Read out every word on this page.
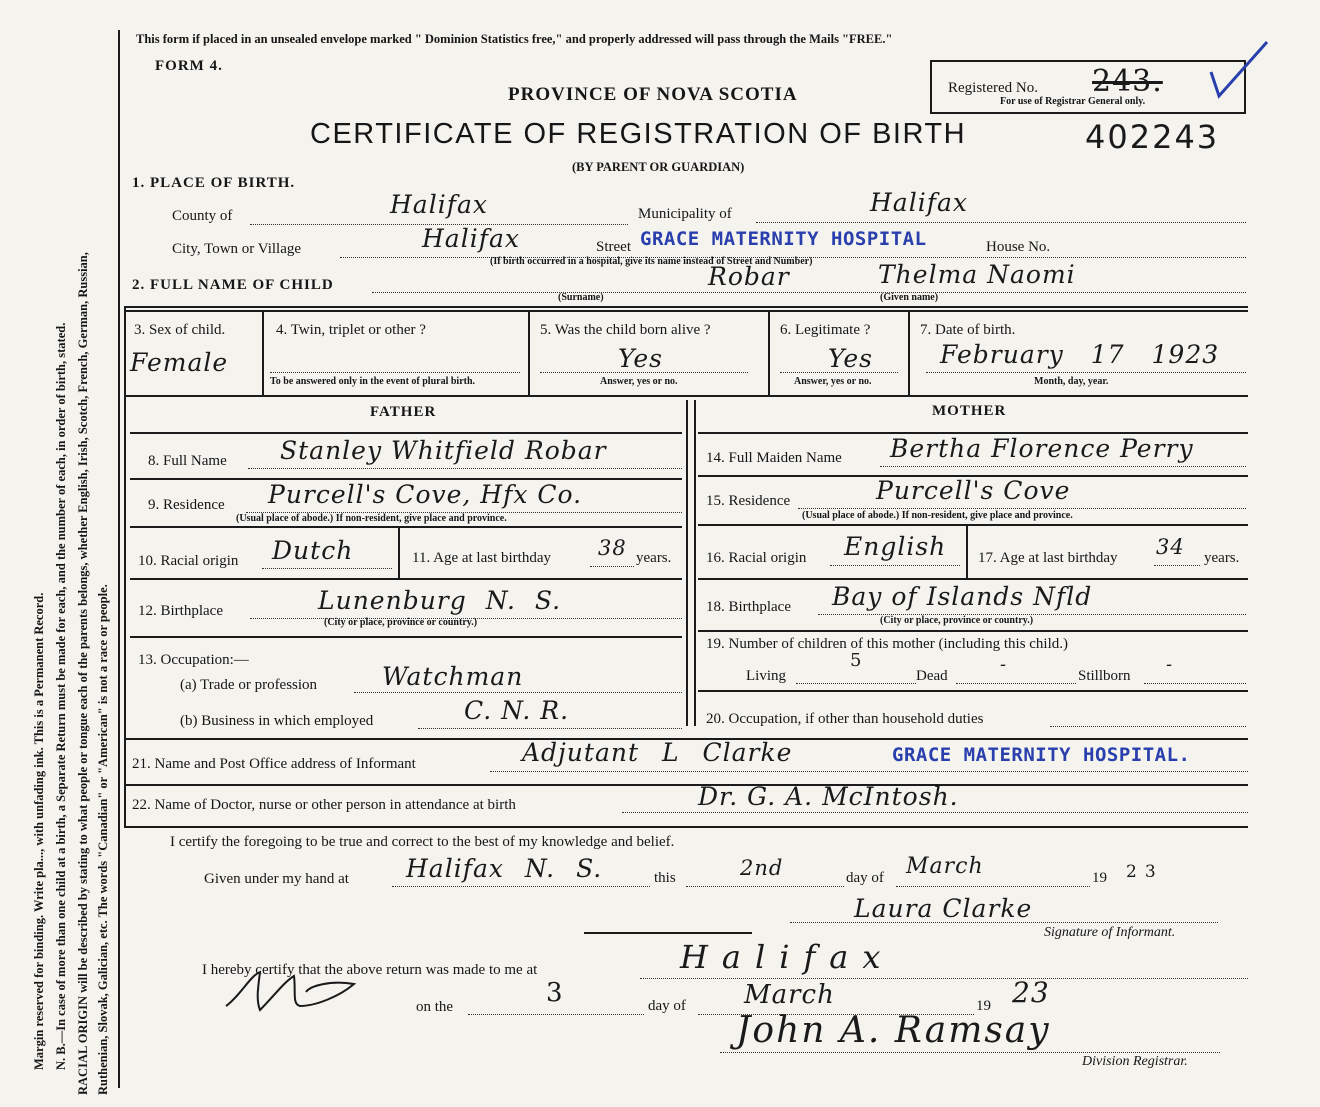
Margin reserved for binding. Write pla..., with unfading ink. This is a Permanent Record. N. B.—In case of more than one child at a birth, a Separate Return must be made for each, and the number of each, in order of birth, stated. RACIAL ORIGIN will be described by stating to what people or tongue each of the parents belongs, whether English, Irish, Scotch, French, German, Russian, Ruthenian, Slovak, Galician, etc. The words "Canadian" or "American" is not a race or people.
This form if placed in an unsealed envelope marked " Dominion Statistics free," and properly addressed will pass through the Mails "FREE."
FORM 4.
PROVINCE OF NOVA SCOTIA
CERTIFICATE OF REGISTRATION OF BIRTH
(BY PARENT OR GUARDIAN)
402243
Registered No. 243.
For use of Registrar General only.
1. PLACE OF BIRTH.
County of	Halifax	Municipality of	Halifax
City, Town or Village	Halifax	Street GRACE MATERNITY HOSPITAL	House No.
(If birth occurred in a hospital, give its name instead of Street and Number)
2. FULL NAME OF CHILD	Robar	Thelma Naomi
(Surname)	(Given name)
3. Sex of child.
Female
4. Twin, triplet or other ?
To be answered only in the event of plural birth.
5. Was the child born alive ?
Yes
Answer, yes or no.
6. Legitimate ?
Yes
Answer, yes or no.
7. Date of birth.
February 17 1923
Month, day, year.
FATHER	MOTHER
8. Full Name Stanley Whitfield Robar
9. Residence Purcell's Cove, Hfx Co.
(Usual place of abode.) If non-resident, give place and province.
10. Racial origin Dutch	11. Age at last birthday 38 years.
12. Birthplace	Lunenburg N. S.
(City or place, province or country.)
13. Occupation:—
(a) Trade or profession	Watchman
(b) Business in which employed	C. N. R.
14. Full Maiden Name Bertha Florence Perry
15. Residence	Purcell's Cove
(Usual place of abode.) If non-resident, give place and province.
16. Racial origin English 17. Age at last birthday 34 years.
18. Birthplace Bay of Islands Nfld
(City or place, province or country.)
19. Number of children of this mother (including this child.)
Living
5
Dead
-
Stillborn
-
20. Occupation, if other than household duties
21. Name and Post Office address of Informant	Adjutant L Clarke	GRACE MATERNITY HOSPITAL.
22. Name of Doctor, nurse or other person in attendance at birth	Dr. G. A. McIntosh.
I certify the foregoing to be true and correct to the best of my knowledge and belief.
Given under my hand at Halifax N. S.	this	2nd	day of March	19 23
Laura Clarke
Signature of Informant.
I hereby certify that the above return was made to me at	Halifax
on the	3	day of March	19 23
John A. Ramsay
Division Registrar.
